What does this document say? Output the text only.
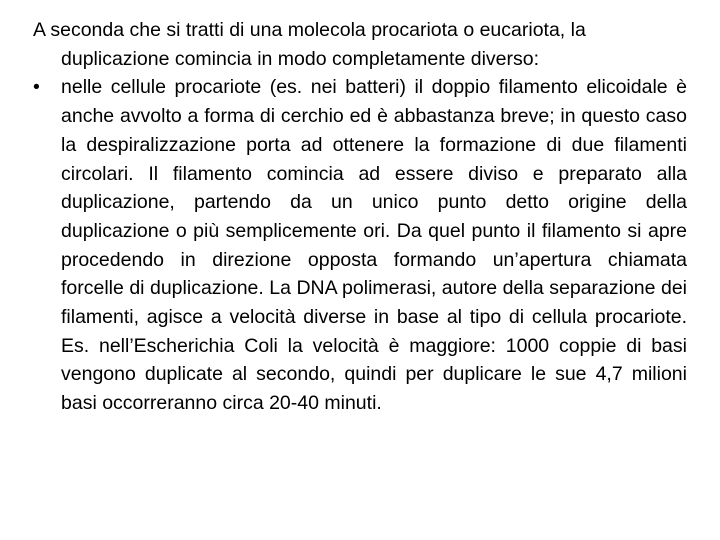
A seconda che si tratti di una molecola procariota o eucariota, la duplicazione comincia in modo completamente diverso:

•	nelle cellule procariote (es. nei batteri) il doppio filamento elicoidale è anche avvolto a forma di cerchio ed è abbastanza breve; in questo caso la despiralizzazione porta ad ottenere la formazione di due filamenti circolari. Il filamento comincia ad essere diviso e preparato alla duplicazione, partendo da un unico punto detto origine della duplicazione o più semplicemente ori. Da quel punto il filamento si apre procedendo in direzione opposta formando un’apertura chiamata forcelle di duplicazione. La DNA polimerasi, autore della separazione dei filamenti, agisce a velocità diverse in base al tipo di cellula procariote. Es. nell’Escherichia Coli la velocità è maggiore: 1000 coppie di basi vengono duplicate al secondo, quindi per duplicare le sue 4,7 milioni basi occorreranno circa 20-40 minuti.
